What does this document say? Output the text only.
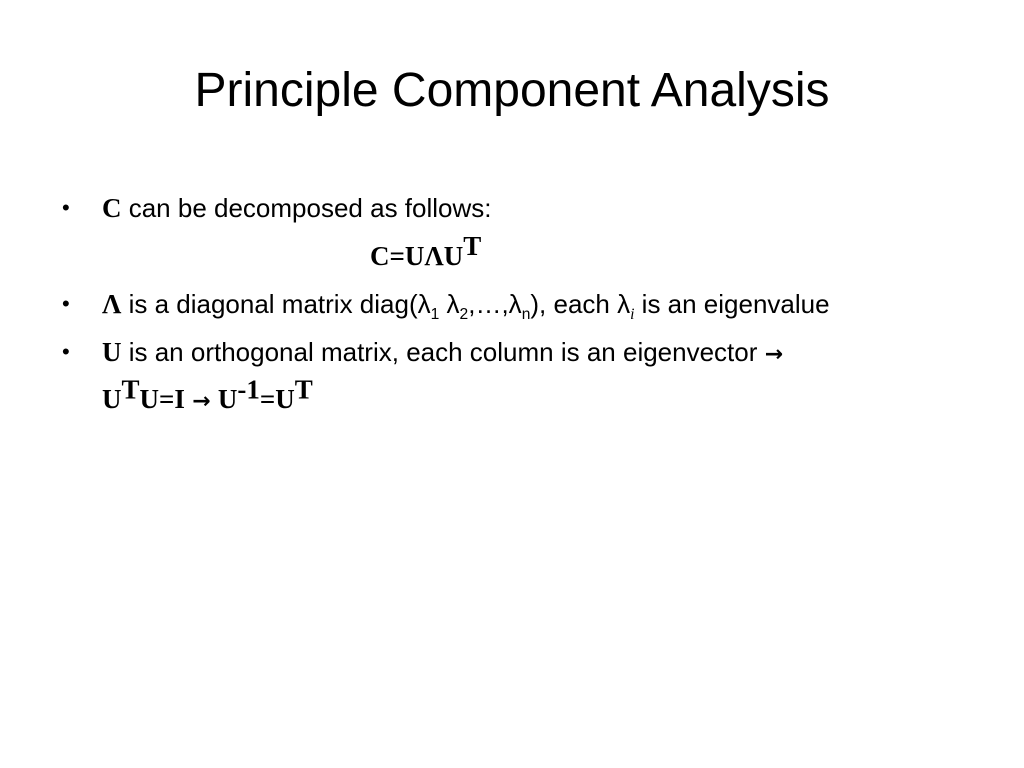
Principle Component Analysis
• C can be decomposed as follows:
$C=U\Lambda U^T$
• Λ is a diagonal matrix $diag(\lambda_1$ $\lambda_2,\dots,\lambda_n$), each $\lambda_i$ is an eigenvalue
• U is an orthogonal matrix, each column is an eigenvector →
$U^TU=I \to U^{-1}=U^T$
